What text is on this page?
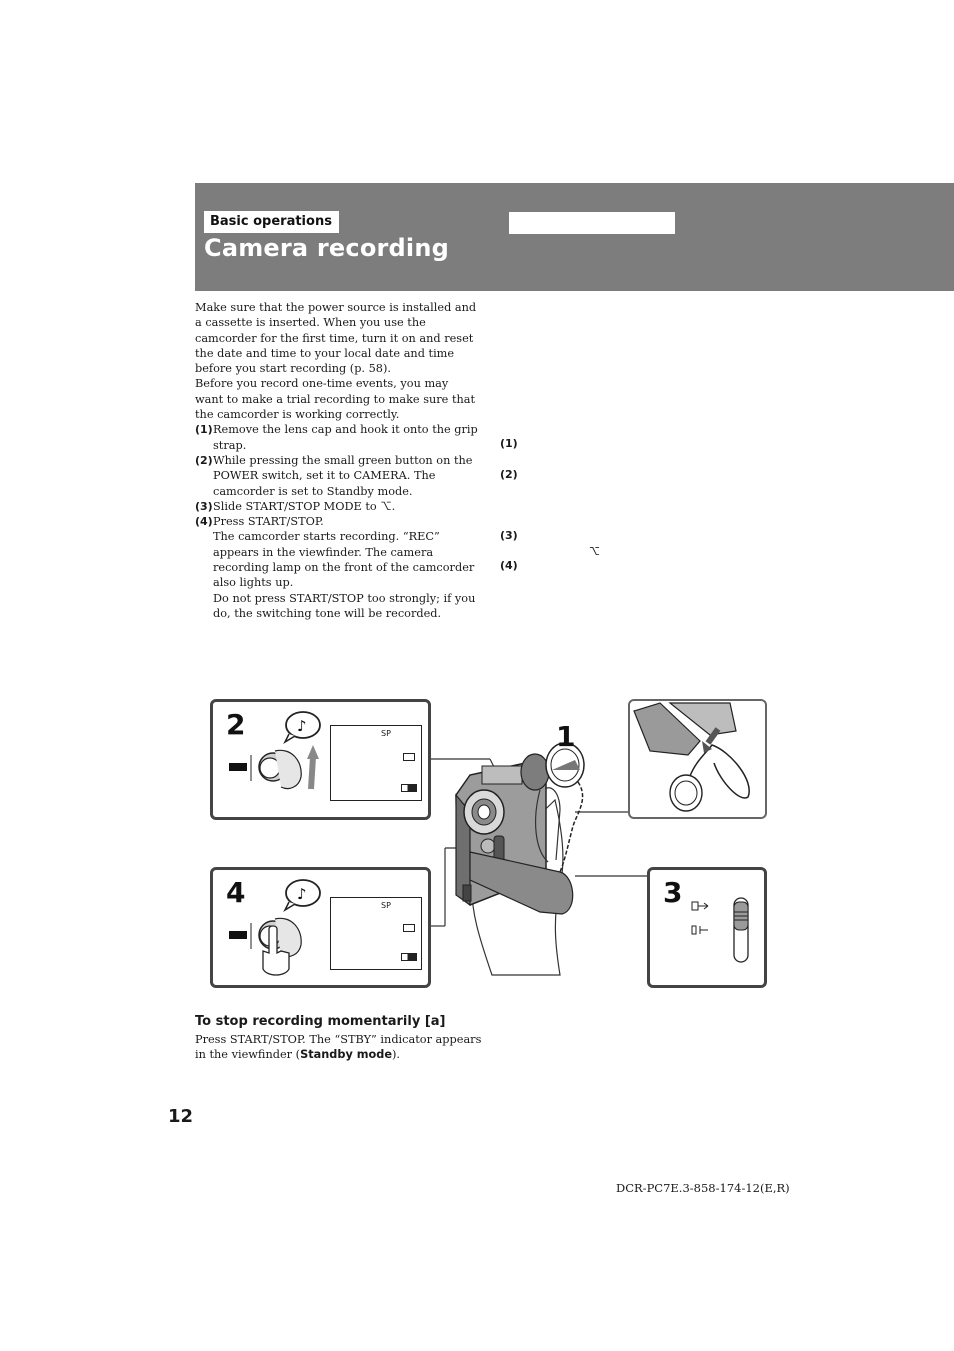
Basic operations
Camera recording

Make sure that the power source is installed and a cassette is inserted. When you use the camcorder for the first time, turn it on and reset the date and time to your local date and time before you start recording (p. 58).

Before you record one-time events, you may want to make a trial recording to make sure that the camcorder is working correctly.

(1) Remove the lens cap and hook it onto the grip strap.
(2) While pressing the small green button on the POWER switch, set it to CAMERA. The camcorder is set to Standby mode.
(3) Slide START/STOP MODE to ⌥.
(4) Press START/STOP.

The camcorder starts recording. “REC” appears in the viewfinder. The camera recording lamp on the front of the camcorder also lights up.

Do not press START/STOP too strongly; if you do, the switching tone will be recorded.

(1)
(2)
(3)
(4)
⌥
2	SP
♪	1
4	SP
♪	3
To stop recording momentarily [a]
Press START/STOP. The “STBY” indicator appears in the viewfinder (Standby mode).
12
DCR-PC7E.3-858-174-12(E,R)
